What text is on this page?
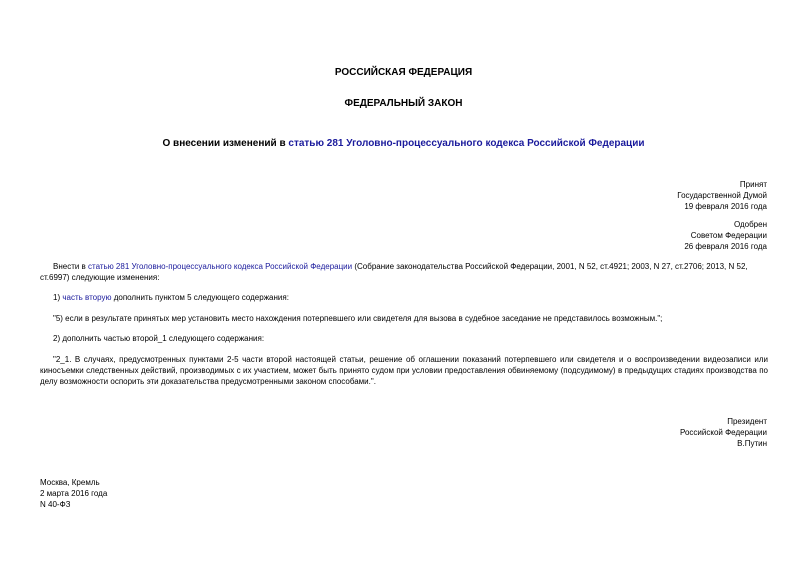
РОССИЙСКАЯ ФЕДЕРАЦИЯ
ФЕДЕРАЛЬНЫЙ ЗАКОН
О внесении изменений в статью 281 Уголовно-процессуального кодекса Российской Федерации
Принят
Государственной Думой
19 февраля 2016 года
Одобрен
Советом Федерации
26 февраля 2016 года
Внести в статью 281 Уголовно-процессуального кодекса Российской Федерации (Собрание законодательства Российской Федерации, 2001, N 52, ст.4921; 2003, N 27, ст.2706; 2013, N 52, ст.6997) следующие изменения:
1) часть вторую дополнить пунктом 5 следующего содержания:
"5) если в результате принятых мер установить место нахождения потерпевшего или свидетеля для вызова в судебное заседание не представилось возможным.";
2) дополнить частью второй_1 следующего содержания:
"2_1. В случаях, предусмотренных пунктами 2-5 части второй настоящей статьи, решение об оглашении показаний потерпевшего или свидетеля и о воспроизведении видеозаписи или киносъемки следственных действий, производимых с их участием, может быть принято судом при условии предоставления обвиняемому (подсудимому) в предыдущих стадиях производства по делу возможности оспорить эти доказательства предусмотренными законом способами.".
Президент
Российской Федерации
В.Путин
Москва, Кремль
2 марта 2016 года
N 40-ФЗ
